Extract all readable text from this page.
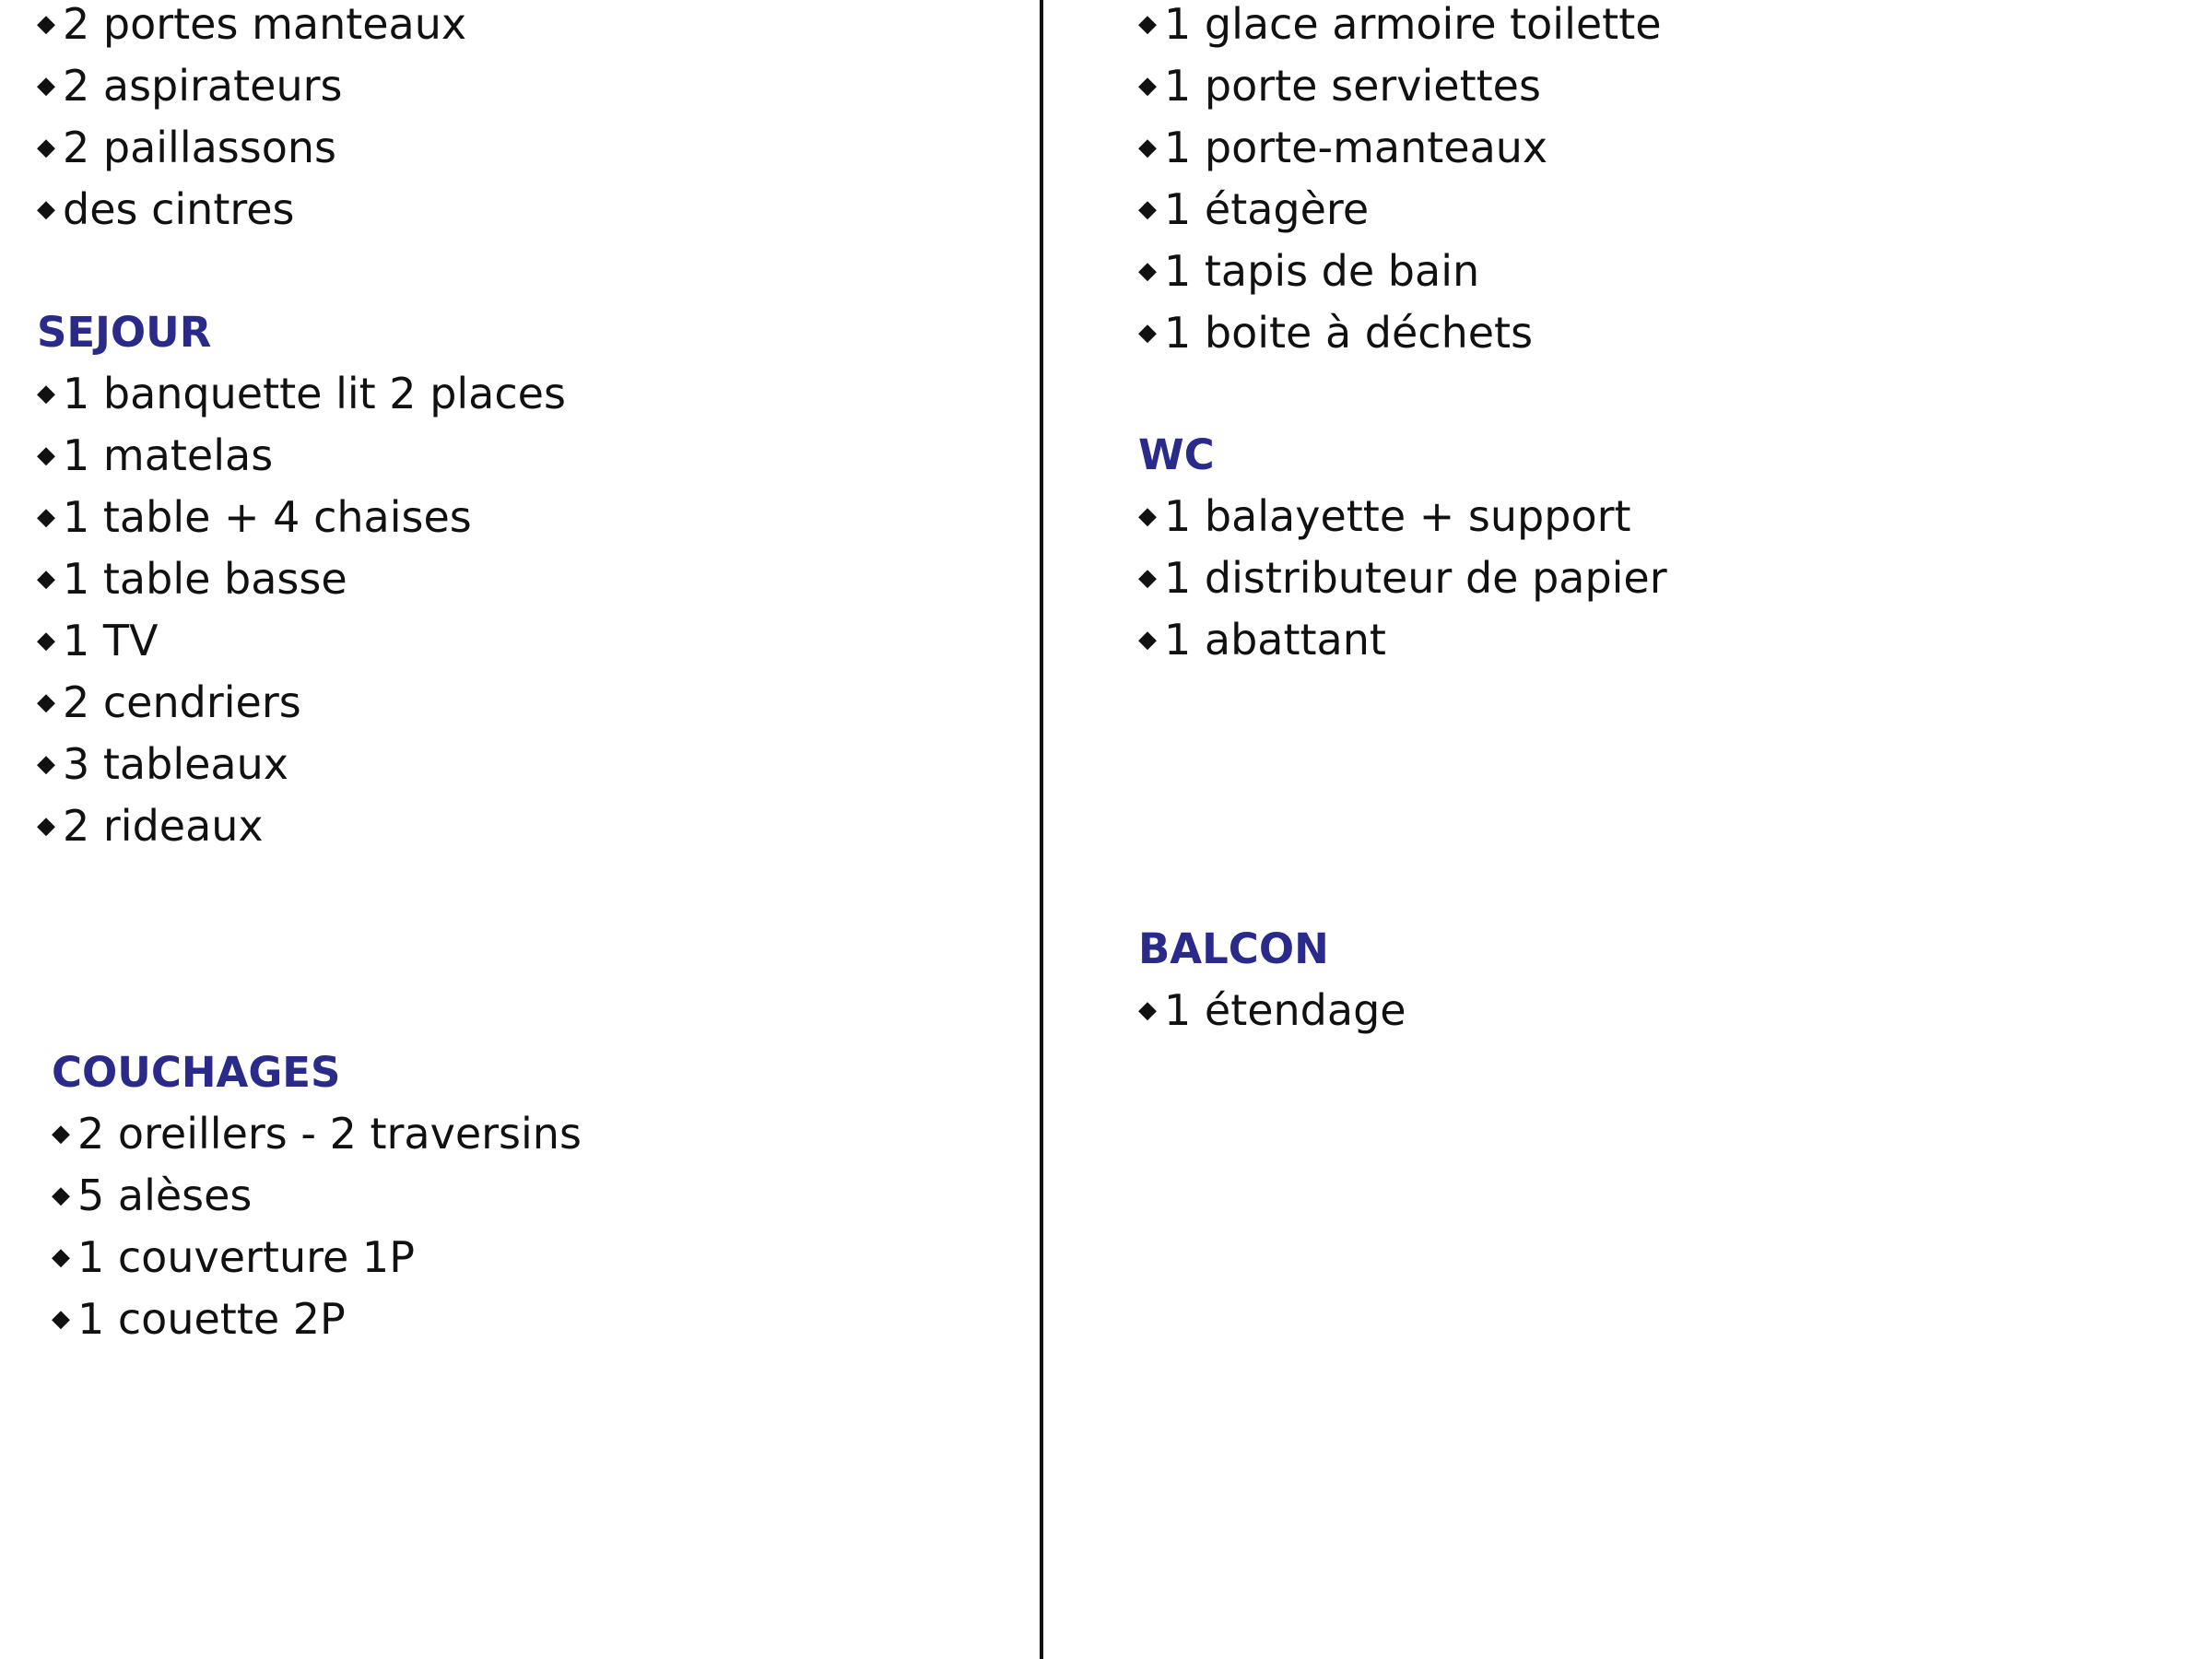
◆ 2 portes manteaux
◆ 2 aspirateurs
◆ 2 paillassons
◆ des cintres
SEJOUR
◆ 1 banquette lit 2 places
◆ 1 matelas
◆ 1 table + 4 chaises
◆ 1 table basse
◆ 1 TV
◆ 2 cendriers
◆ 3 tableaux
◆ 2 rideaux
COUCHAGES
◆ 2 oreillers - 2 traversins
◆ 5 alèses
◆ 1 couverture 1P
◆ 1 couette 2P
◆ 1 glace armoire toilette
◆ 1 porte serviettes
◆ 1 porte-manteaux
◆ 1 étagère
◆ 1 tapis de bain
◆ 1 boite à déchets
WC
◆ 1 balayette + support
◆ 1 distributeur de papier
◆ 1 abattant
BALCON
◆ 1 étendage
